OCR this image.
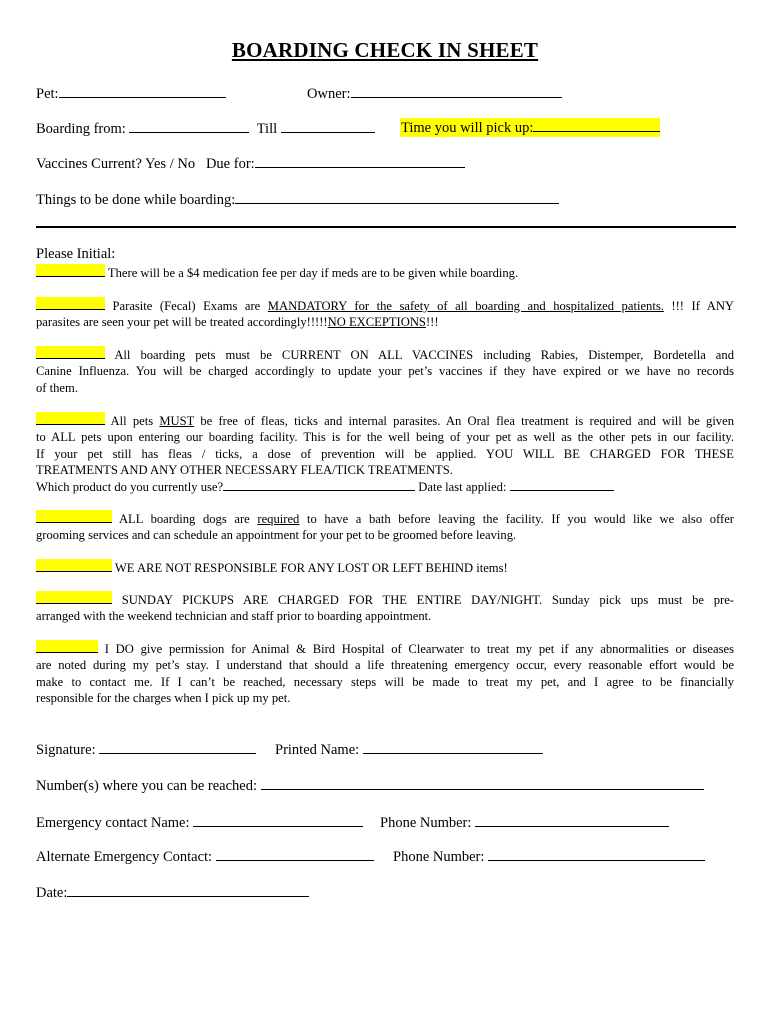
BOARDING CHECK IN SHEET
Pet:	Owner:
Boarding from:	Till	Time you will pick up:
Vaccines Current? Yes / No Due for:
Things to be done while boarding:
Please Initial:
There will be a $4 medication fee per day if meds are to be given while boarding.
Parasite (Fecal) Exams are MANDATORY for the safety of all boarding and hospitalized patients. !!! If ANY
parasites are seen your pet will be treated accordingly!!!!!NO EXCEPTIONS!!!
All boarding pets must be CURRENT ON ALL VACCINES including Rabies, Distemper, Bordetella and
Canine Influenza. You will be charged accordingly to update your pet’s vaccines if they have expired or we have no records
of them.
All pets MUST be free of fleas, ticks and internal parasites. An Oral flea treatment is required and will be given
to ALL pets upon entering our boarding facility. This is for the well being of your pet as well as the other pets in our facility.
If your pet still has fleas / ticks, a dose of prevention will be applied. YOU WILL BE CHARGED FOR THESE
TREATMENTS AND ANY OTHER NECESSARY FLEA/TICK TREATMENTS.
Which product do you currently use?	Date last applied:
ALL boarding dogs are required to have a bath before leaving the facility. If you would like we also offer
grooming services and can schedule an appointment for your pet to be groomed before leaving.
WE ARE NOT RESPONSIBLE FOR ANY LOST OR LEFT BEHIND items!
SUNDAY PICKUPS ARE CHARGED FOR THE ENTIRE DAY/NIGHT. Sunday pick ups must be pre-
arranged with the weekend technician and staff prior to boarding appointment.
I DO give permission for Animal & Bird Hospital of Clearwater to treat my pet if any abnormalities or diseases
are noted during my pet’s stay. I understand that should a life threatening emergency occur, every reasonable effort would be
make to contact me. If I can’t be reached, necessary steps will be made to treat my pet, and I agree to be financially
responsible for the charges when I pick up my pet.
Signature:	Printed Name:
Number(s) where you can be reached:
Emergency contact Name:	Phone Number:
Alternate Emergency Contact:	Phone Number:
Date:
